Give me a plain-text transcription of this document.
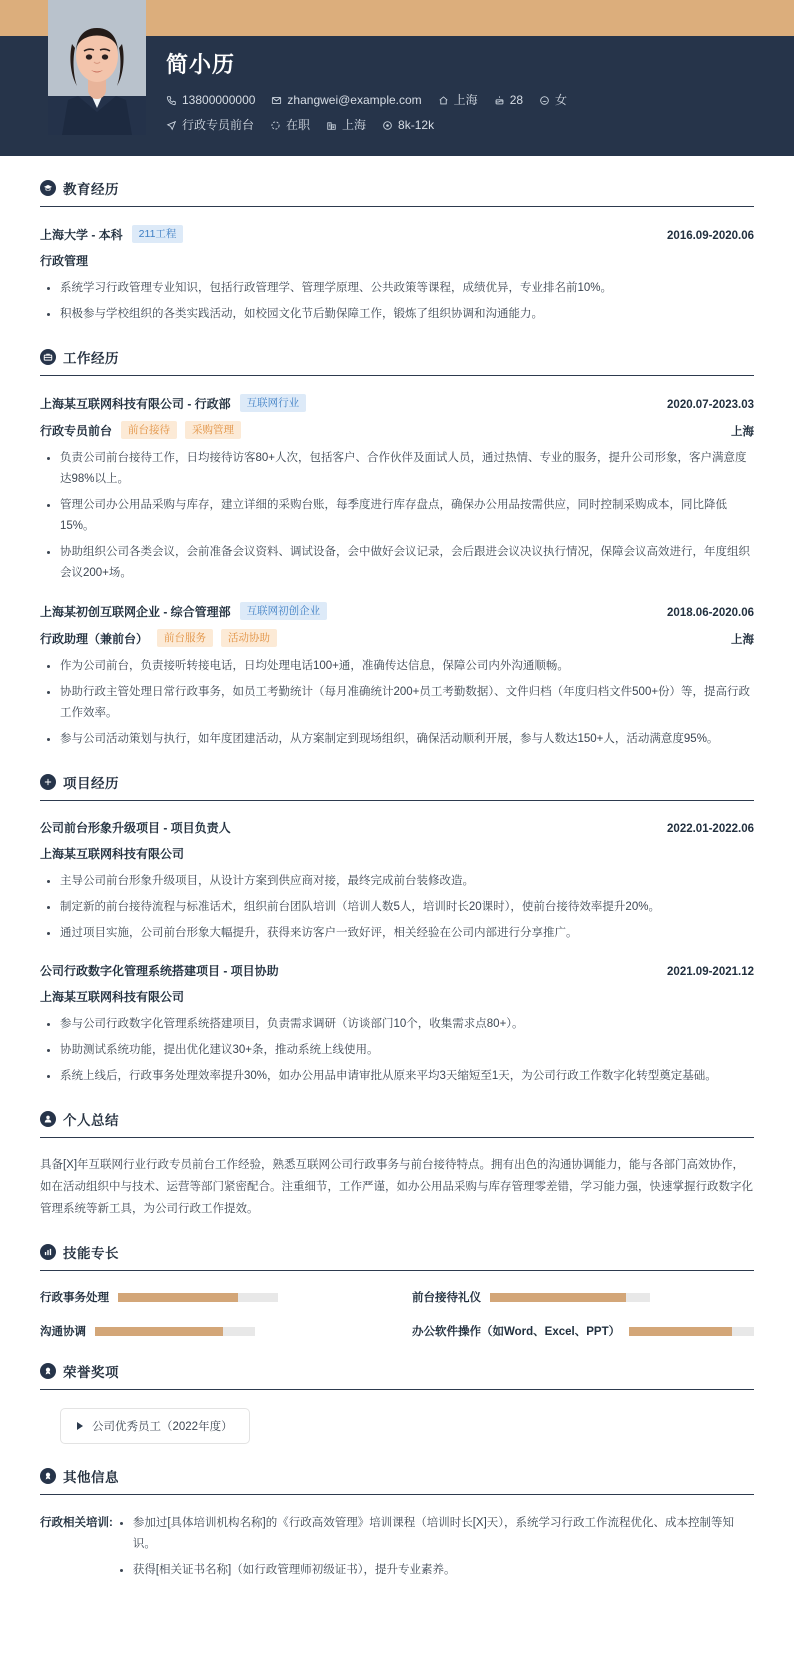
简小历
13800000000	zhangwei@example.com	上海	28	女
行政专员前台	在职	上海	8k-12k
教育经历
上海大学 - 本科	211工程	2016.09-2020.06
行政管理
系统学习行政管理专业知识，包括行政管理学、管理学原理、公共政策等课程，成绩优异，专业排名前10%。
积极参与学校组织的各类实践活动，如校园文化节后勤保障工作，锻炼了组织协调和沟通能力。
工作经历
上海某互联网科技有限公司 - 行政部	互联网行业	2020.07-2023.03
行政专员前台	前台接待	采购管理	上海
负责公司前台接待工作，日均接待访客80+人次，包括客户、合作伙伴及面试人员，通过热情、专业的服务，提升公司形象，客户满意度达98%以上。
管理公司办公用品采购与库存，建立详细的采购台账，每季度进行库存盘点，确保办公用品按需供应，同时控制采购成本，同比降低15%。
协助组织公司各类会议，会前准备会议资料、调试设备，会中做好会议记录，会后跟进会议决议执行情况，保障会议高效进行，年度组织会议200+场。
上海某初创互联网企业 - 综合管理部	互联网初创企业	2018.06-2020.06
行政助理（兼前台）	前台服务	活动协助	上海
作为公司前台，负责接听转接电话，日均处理电话100+通，准确传达信息，保障公司内外沟通顺畅。
协助行政主管处理日常行政事务，如员工考勤统计（每月准确统计200+员工考勤数据）、文件归档（年度归档文件500+份）等，提高行政工作效率。
参与公司活动策划与执行，如年度团建活动，从方案制定到现场组织，确保活动顺利开展，参与人数达150+人，活动满意度95%。
项目经历
公司前台形象升级项目 - 项目负责人	2022.01-2022.06
上海某互联网科技有限公司
主导公司前台形象升级项目，从设计方案到供应商对接，最终完成前台装修改造。
制定新的前台接待流程与标准话术，组织前台团队培训（培训人数5人，培训时长20课时），使前台接待效率提升20%。
通过项目实施，公司前台形象大幅提升，获得来访客户一致好评，相关经验在公司内部进行分享推广。
公司行政数字化管理系统搭建项目 - 项目协助	2021.09-2021.12
上海某互联网科技有限公司
参与公司行政数字化管理系统搭建项目，负责需求调研（访谈部门10个，收集需求点80+）。
协助测试系统功能，提出优化建议30+条，推动系统上线使用。
系统上线后，行政事务处理效率提升30%，如办公用品申请审批从原来平均3天缩短至1天，为公司行政工作数字化转型奠定基础。
个人总结
具备[X]年互联网行业行政专员前台工作经验，熟悉互联网公司行政事务与前台接待特点。拥有出色的沟通协调能力，能与各部门高效协作，如在活动组织中与技术、运营等部门紧密配合。注重细节，工作严谨，如办公用品采购与库存管理零差错，学习能力强，快速掌握行政数字化管理系统等新工具，为公司行政工作提效。
技能专长
行政事务处理	前台接待礼仪
沟通协调	办公软件操作（如Word、Excel、PPT）
荣誉奖项
公司优秀员工（2022年度）
其他信息
行政相关培训:	参加过[具体培训机构名称]的《行政高效管理》培训课程（培训时长[X]天），系统学习行政工作流程优化、成本控制等知识。
获得[相关证书名称]（如行政管理师初级证书），提升专业素养。
